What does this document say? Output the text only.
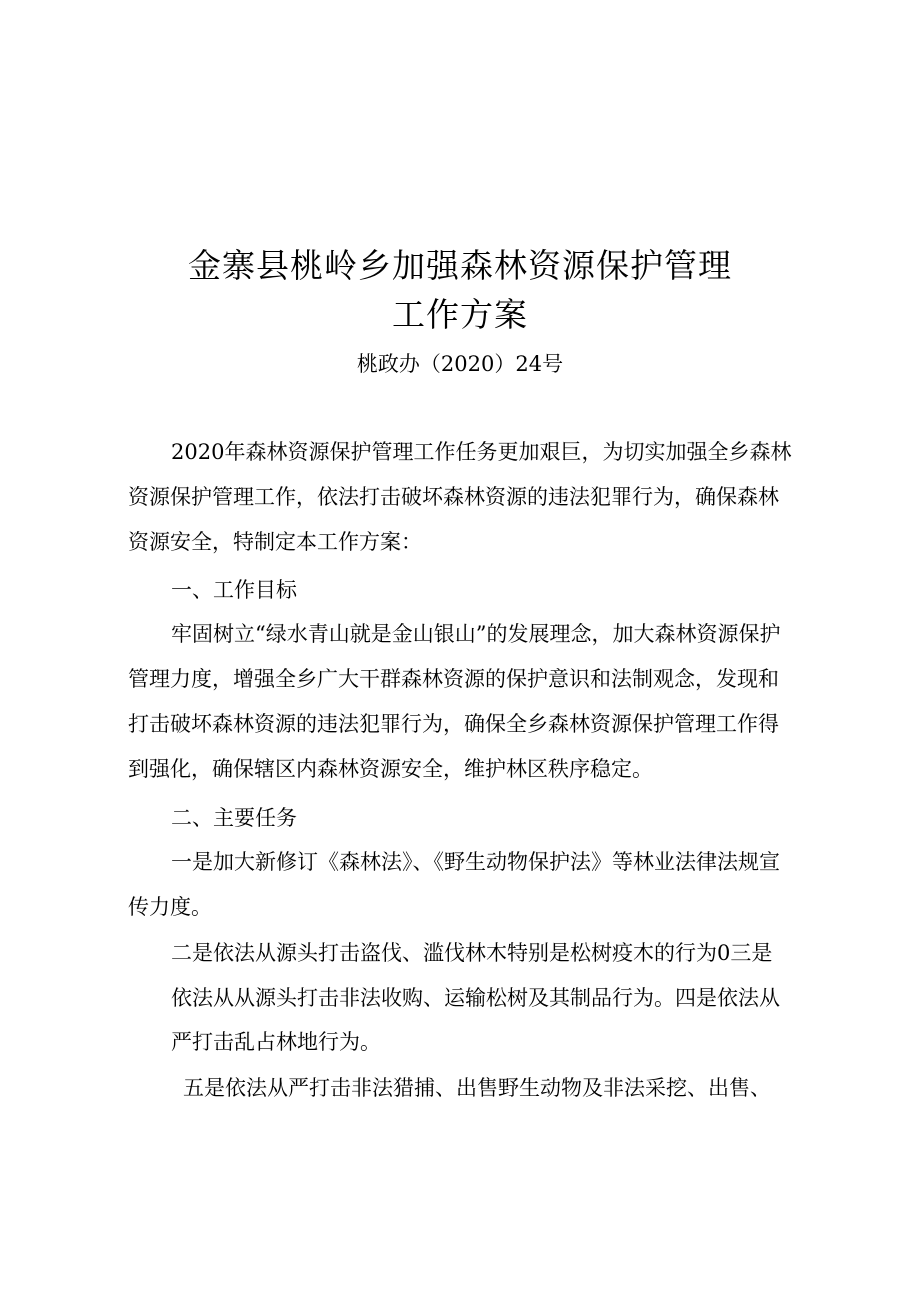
金寨县桃岭乡加强森林资源保护管理
工作方案
桃政办（2020）24号

2020年森林资源保护管理工作任务更加艰巨，为切实加强全乡森林资源保护管理工作，依法打击破坏森林资源的违法犯罪行为，确保森林资源安全，特制定本工作方案：

一、工作目标

牢固树立“绿水青山就是金山银山”的发展理念，加大森林资源保护管理力度，增强全乡广大干群森林资源的保护意识和法制观念，发现和打击破坏森林资源的违法犯罪行为，确保全乡森林资源保护管理工作得到强化，确保辖区内森林资源安全，维护林区秩序稳定。

二、主要任务

一是加大新修订《森林法》、《野生动物保护法》等林业法律法规宣传力度。

二是依法从源头打击盗伐、滥伐林木特别是松树疫木的行为0三是

依法从从源头打击非法收购、运输松树及其制品行为。四是依法从

严打击乱占林地行为。

五是依法从严打击非法猎捕、出售野生动物及非法采挖、出售、
